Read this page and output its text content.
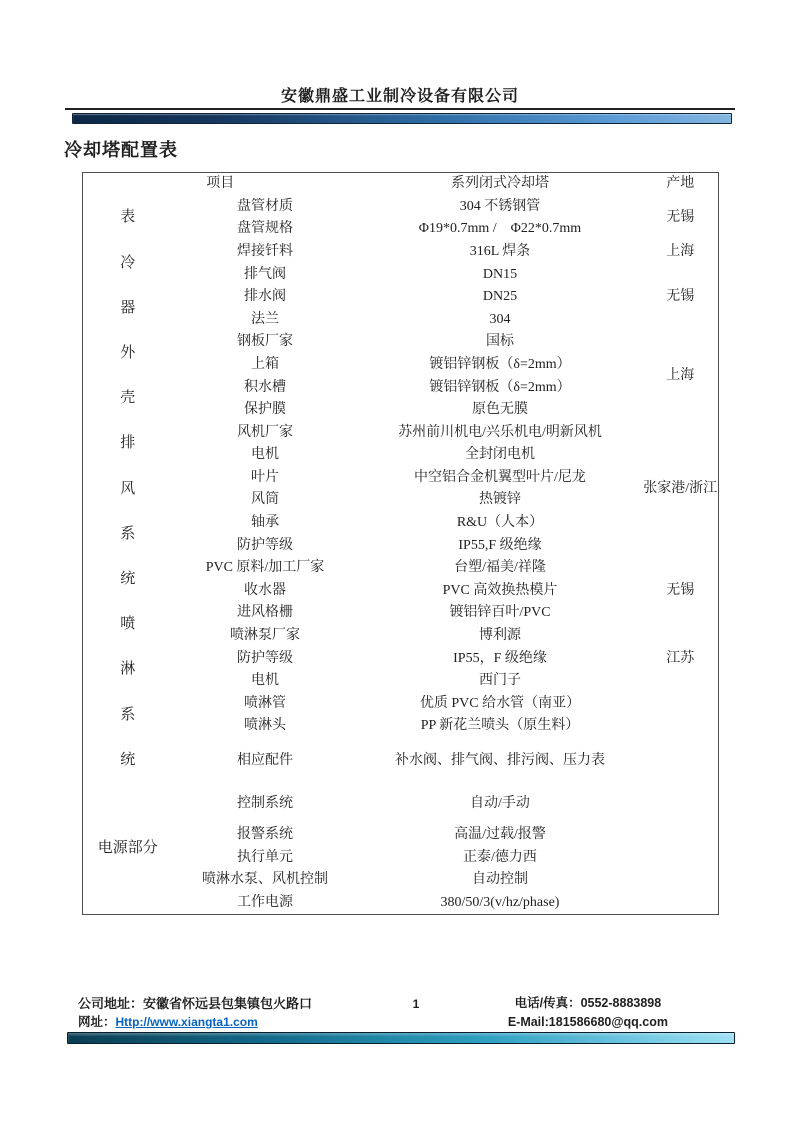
安徽鼎盛工业制冷设备有限公司
冷却塔配置表
项目		系列闭式冷却塔	产地
表	盘管材质	304 不锈钢管	无锡
	盘管规格	Φ19*0.7mm /　Φ22*0.7mm	
冷	焊接钎料	316L 焊条	上海
	排气阀	DN15	
器	排水阀	DN25	无锡
	法兰	304	
外	钢板厂家	国标	
	上箱	镀铝锌钢板（δ=2mm）	上海
壳	积水槽	镀铝锌钢板（δ=2mm）	
	保护膜	原色无膜	
排	风机厂家	苏州前川机电/兴乐机电/明新风机	
	电机	全封闭电机	
风	叶片	中空铝合金机翼型叶片/尼龙	张家港/浙江
	风筒	热镀锌	
系	轴承	R&U（人本）	
	防护等级	IP55,F 级绝缘	
统	PVC 原料/加工厂家	台塑/福美/祥隆	
	收水器	PVC 高效换热模片	无锡
喷	进风格栅	镀铝锌百叶/PVC	
	喷淋泵厂家	博利源	
淋	防护等级	IP55，F 级绝缘	江苏
	电机	西门子	
系	喷淋管	优质 PVC 给水管（南亚）	
	喷淋头	PP 新花兰喷头（原生料）	
统	相应配件	补水阀、排气阀、排污阀、压力表	
电源部分	控制系统	自动/手动	
	报警系统	高温/过载/报警	
	执行单元	正泰/德力西	
	喷淋水泵、风机控制	自动控制	
	工作电源	380/50/3(v/hz/phase)	
公司地址：安徽省怀远县包集镇包火路口
网址：Http://www.xiangta1.com
1	电话/传真：0552-8883898
E-Mail:181586680@qq.com
